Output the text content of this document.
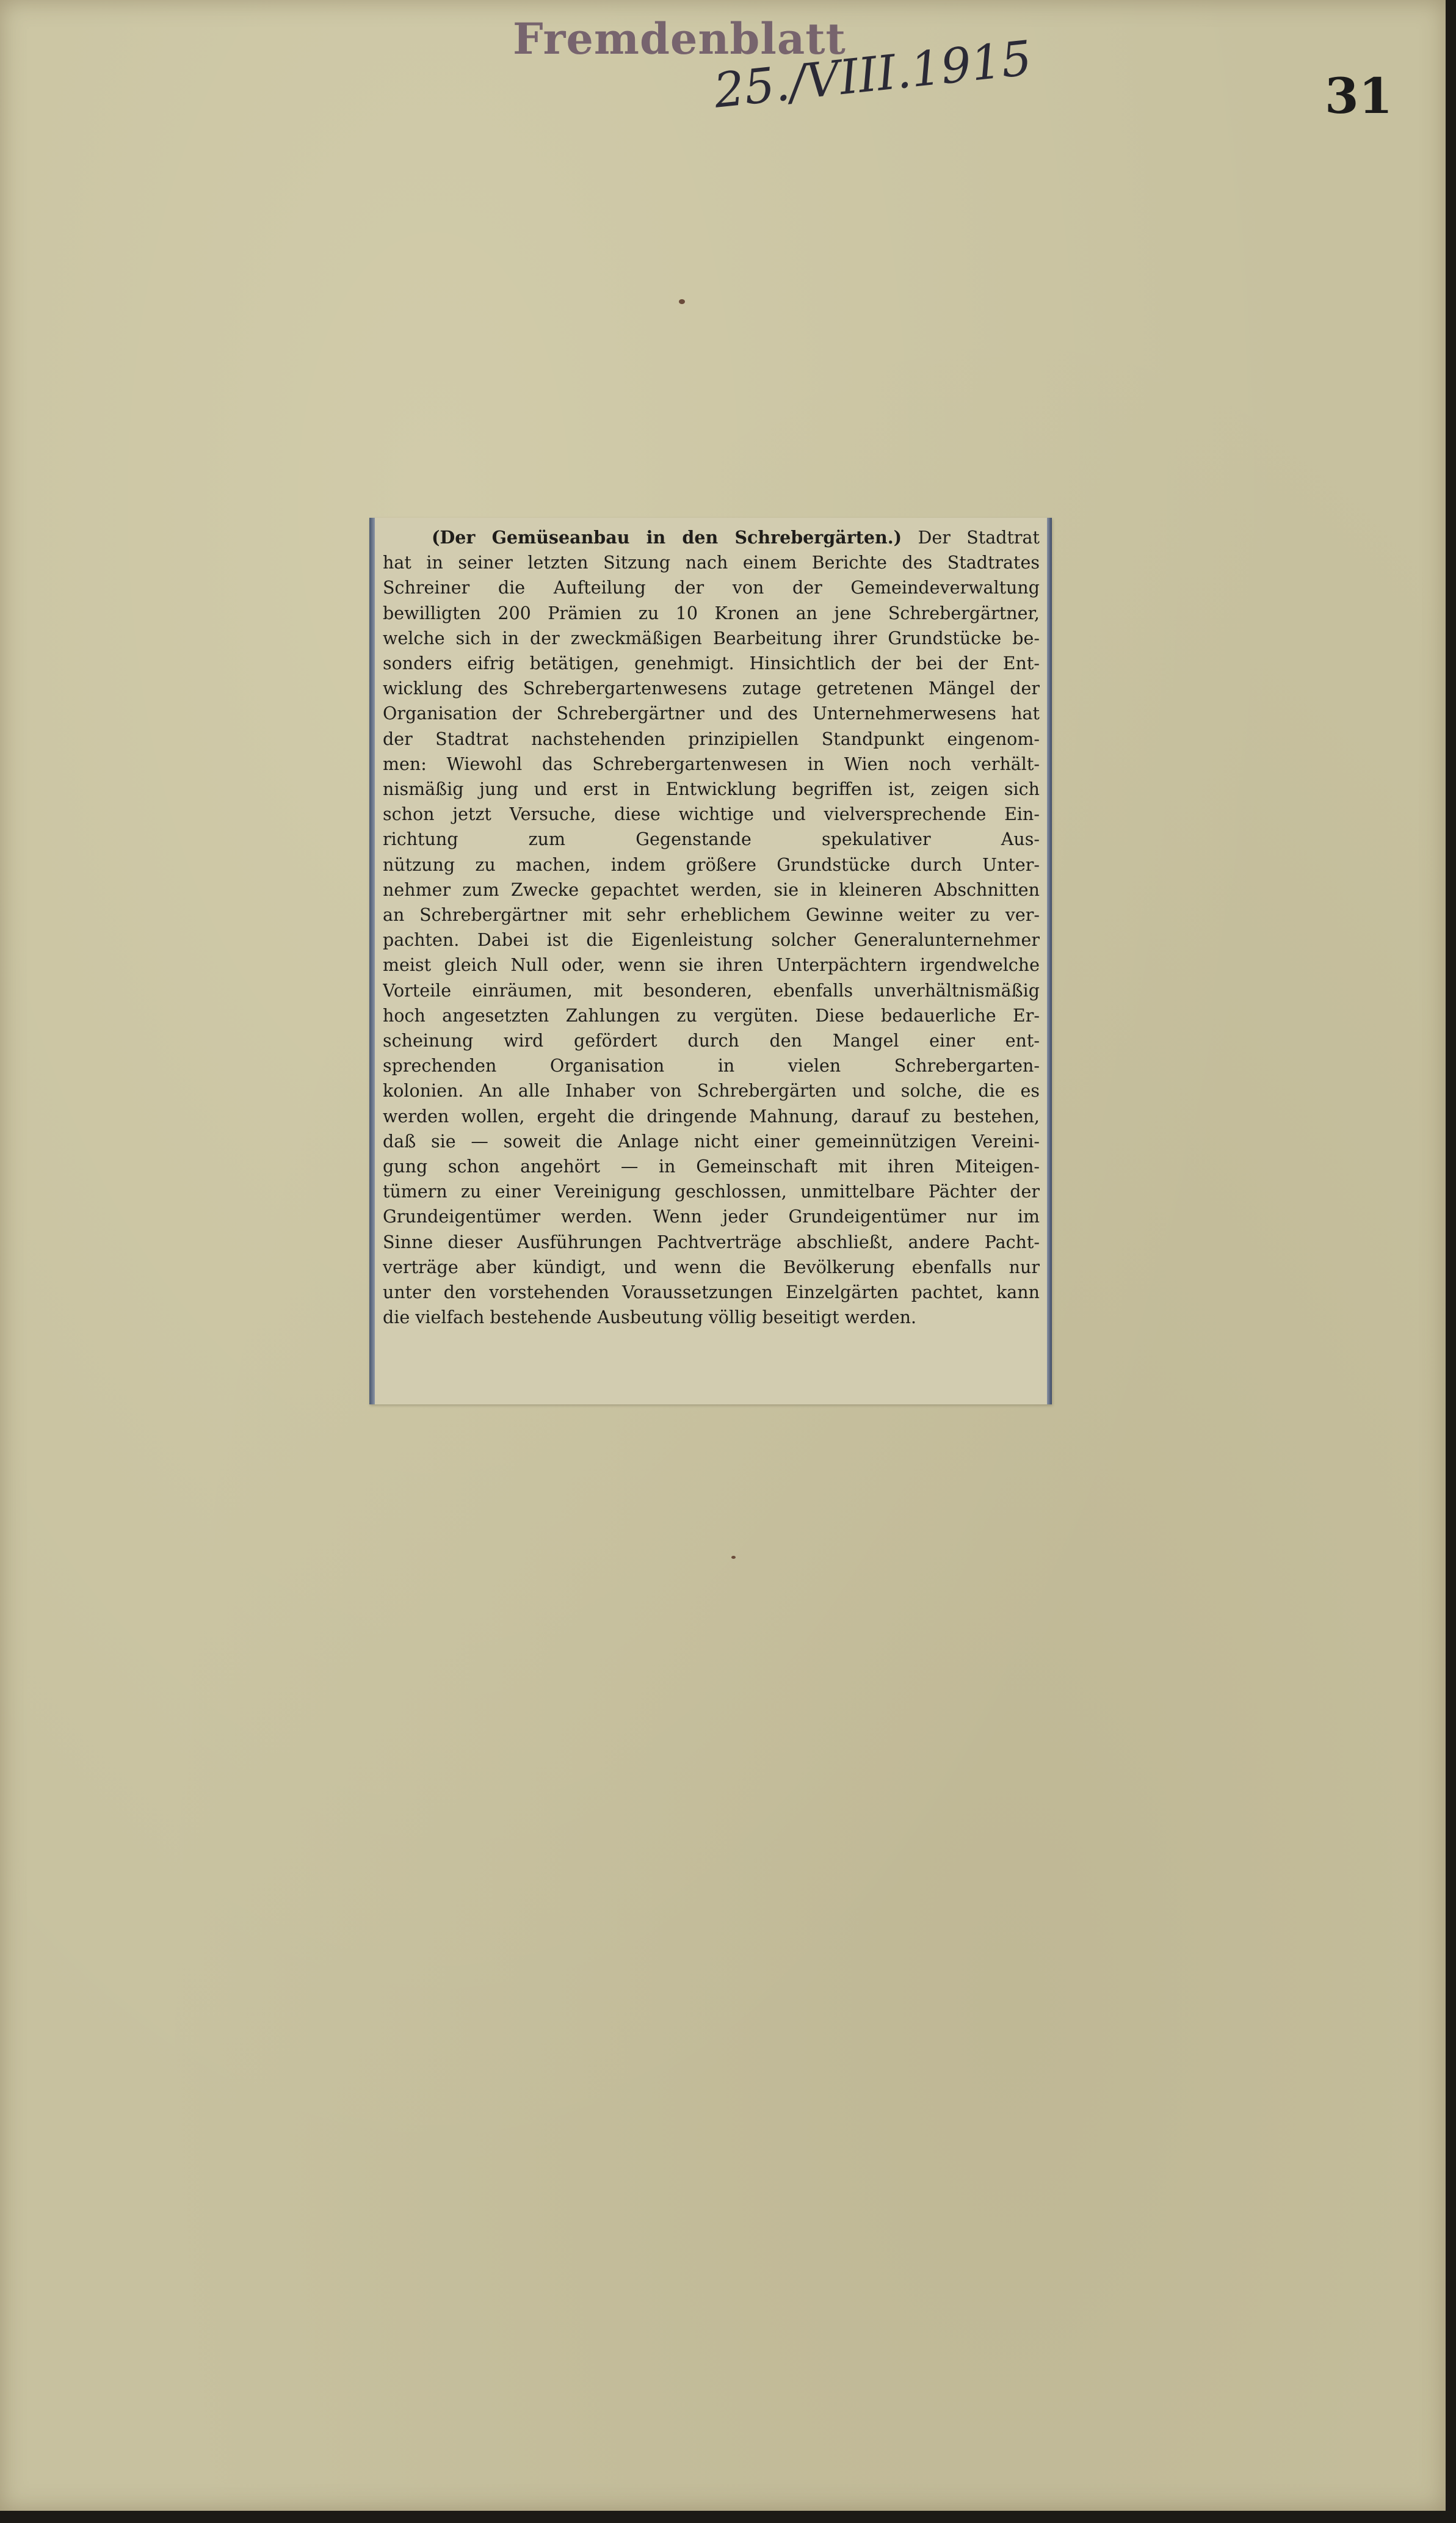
Fremdenblatt
25./VIII.1915	31
(Der Gemüseanbau in den Schrebergärten.) Der Stadtrat
hat in seiner letzten Sitzung nach einem Berichte des Stadtrates
Schreiner die Aufteilung der von der Gemeindeverwaltung
bewilligten 200 Prämien zu 10 Kronen an jene Schrebergärtner,
welche sich in der zweckmäßigen Bearbeitung ihrer Grundstücke be-
sonders eifrig betätigen, genehmigt. Hinsichtlich der bei der Ent-
wicklung des Schrebergartenwesens zutage getretenen Mängel der
Organisation der Schrebergärtner und des Unternehmerwesens hat
der Stadtrat nachstehenden prinzipiellen Standpunkt eingenom-
men: Wiewohl das Schrebergartenwesen in Wien noch verhält-
nismäßig jung und erst in Entwicklung begriffen ist, zeigen sich
schon jetzt Versuche, diese wichtige und vielversprechende Ein-
richtung zum Gegenstande spekulativer Aus-
nützung zu machen, indem größere Grundstücke durch Unter-
nehmer zum Zwecke gepachtet werden, sie in kleineren Abschnitten
an Schrebergärtner mit sehr erheblichem Gewinne weiter zu ver-
pachten. Dabei ist die Eigenleistung solcher Generalunternehmer
meist gleich Null oder, wenn sie ihren Unterpächtern irgendwelche
Vorteile einräumen, mit besonderen, ebenfalls unverhältnismäßig
hoch angesetzten Zahlungen zu vergüten. Diese bedauerliche Er-
scheinung wird gefördert durch den Mangel einer ent-
sprechenden Organisation in vielen Schrebergarten-
kolonien. An alle Inhaber von Schrebergärten und solche, die es
werden wollen, ergeht die dringende Mahnung, darauf zu bestehen,
daß sie — soweit die Anlage nicht einer gemeinnützigen Vereini-
gung schon angehört — in Gemeinschaft mit ihren Miteigen-
tümern zu einer Vereinigung geschlossen, unmittelbare Pächter der
Grundeigentümer werden. Wenn jeder Grundeigentümer nur im
Sinne dieser Ausführungen Pachtverträge abschließt, andere Pacht-
verträge aber kündigt, und wenn die Bevölkerung ebenfalls nur
unter den vorstehenden Voraussetzungen Einzelgärten pachtet, kann
die vielfach bestehende Ausbeutung völlig beseitigt werden.
